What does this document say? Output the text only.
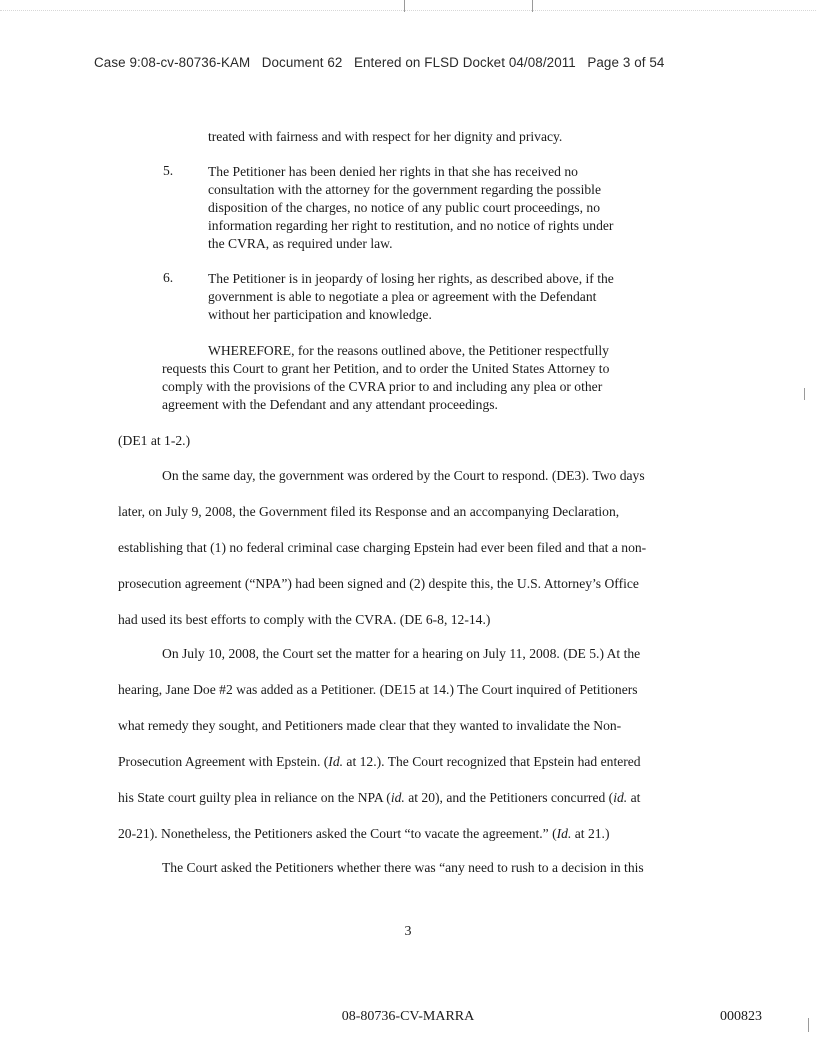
Case 9:08-cv-80736-KAM Document 62 Entered on FLSD Docket 04/08/2011 Page 3 of 54
treated with fairness and with respect for her dignity and privacy.
5.	The Petitioner has been denied her rights in that she has received no
consultation with the attorney for the government regarding the possible
disposition of the charges, no notice of any public court proceedings, no
information regarding her right to restitution, and no notice of rights under
the CVRA, as required under law.
6.	The Petitioner is in jeopardy of losing her rights, as described above, if the
government is able to negotiate a plea or agreement with the Defendant
without her participation and knowledge.
WHEREFORE, for the reasons outlined above, the Petitioner respectfully
requests this Court to grant her Petition, and to order the United States Attorney to
comply with the provisions of the CVRA prior to and including any plea or other
agreement with the Defendant and any attendant proceedings.
(DE1 at 1-2.)
On the same day, the government was ordered by the Court to respond. (DE3). Two days
later, on July 9, 2008, the Government filed its Response and an accompanying Declaration,
establishing that (1) no federal criminal case charging Epstein had ever been filed and that a non-
prosecution agreement (“NPA”) had been signed and (2) despite this, the U.S. Attorney’s Office
had used its best efforts to comply with the CVRA. (DE 6-8, 12-14.)
On July 10, 2008, the Court set the matter for a hearing on July 11, 2008. (DE 5.) At the
hearing, Jane Doe #2 was added as a Petitioner. (DE15 at 14.) The Court inquired of Petitioners
what remedy they sought, and Petitioners made clear that they wanted to invalidate the Non-
Prosecution Agreement with Epstein. (Id. at 12.). The Court recognized that Epstein had entered
his State court guilty plea in reliance on the NPA (id. at 20), and the Petitioners concurred (id. at
20-21). Nonetheless, the Petitioners asked the Court “to vacate the agreement.” (Id. at 21.)
The Court asked the Petitioners whether there was “any need to rush to a decision in this
3
08-80736-CV-MARRA	000823
